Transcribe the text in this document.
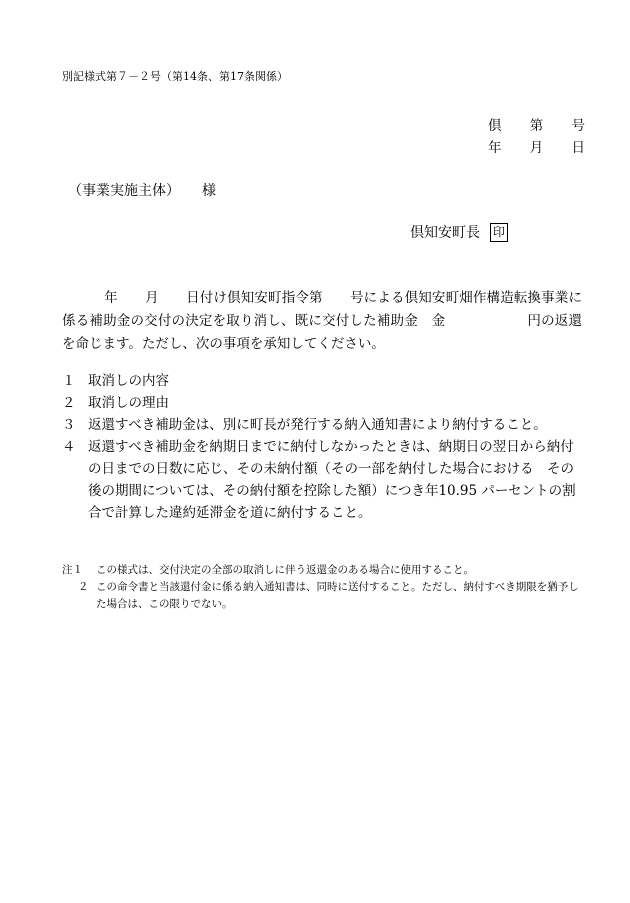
別記様式第７－２号（第14条、第17条関係）
倶 第 号
年 月 日
（事業実施主体） 様
倶知安町長 印
年　　月　　日付け倶知安町指令第　　号による倶知安町畑作構造転換事業に係る補助金の交付の決定を取り消し、既に交付した補助金　金　　　　　　円の返還を命じます。ただし、次の事項を承知してください。
１ 取消しの内容
２ 取消しの理由
３ 返還すべき補助金は、別に町長が発行する納入通知書により納付すること。
４ 返還すべき補助金を納期日までに納付しなかったときは、納期日の翌日から納付の日までの日数に応じ、その未納付額（その一部を納付した場合における　その後の期間については、その納付額を控除した額）につき年10.95 パーセントの割合で計算した違約延滞金を道に納付すること。
注１	この様式は、交付決定の全部の取消しに伴う返還金のある場合に使用すること。
２ この命令書と当該還付金に係る納入通知書は、同時に送付すること。ただし、納付すべき期限を猶予した場合は、この限りでない。
